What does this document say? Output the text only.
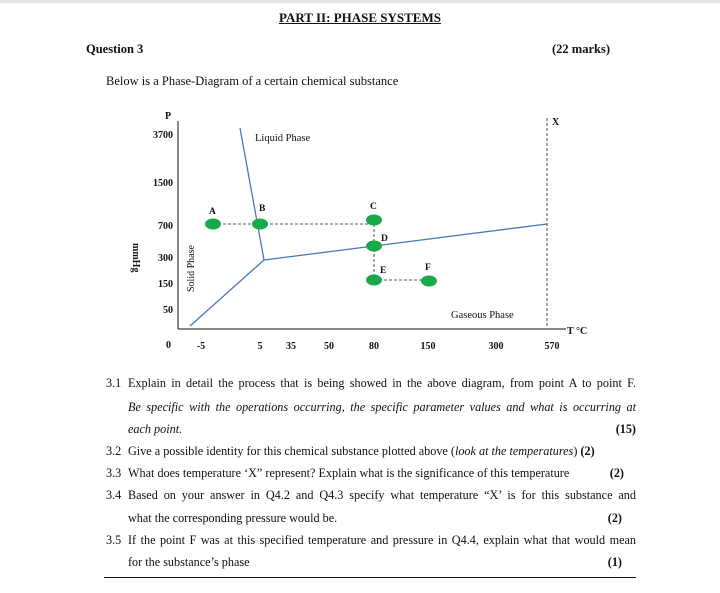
PART II: PHASE SYSTEMS
Question 3	(22 marks)
Below is a Phase-Diagram of a certain chemical substance
P
T °C
mmHg
3700
1500
700
300
150
50
0	-5	5 35	50	80	150	300	570
Liquid Phase
Solid Phase
Gaseous Phase
A	B	C
D
E	F
X
3.1 Explain in detail the process that is being showed in the above diagram, from point A to point F.
Be specific with the operations occurring, the specific parameter values and what is occurring at
each point.	(15)
3.2 Give a possible identity for this chemical substance plotted above (look at the temperatures) (2)
3.3 What does temperature ‘X” represent? Explain what is the significance of this temperature	(2)
3.4 Based on your answer in Q4.2 and Q4.3 specify what temperature “X’ is for this substance and
what the corresponding pressure would be.	(2)
3.5 If the point F was at this specified temperature and pressure in Q4.4, explain what that would mean
for the substance’s phase	(1)
